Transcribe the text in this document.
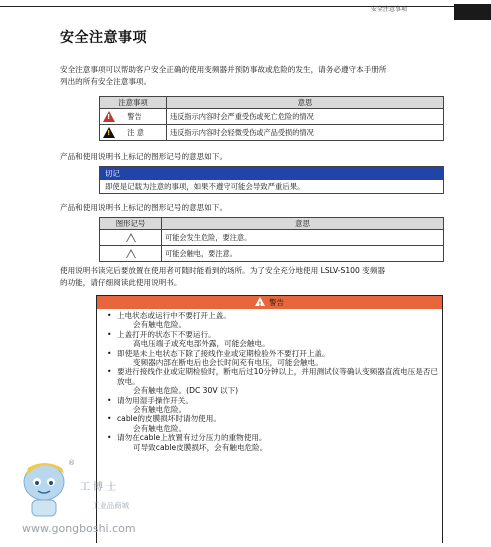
安全注意事项
安全注意事项
安全注意事项可以帮助客户安全正确的使用变频器并预防事故或危险的发生，请务必遵守本手册所
列出的所有安全注意事项。
注意事项	意思
! 警告	违反指示内容时会严重受伤或死亡危险的情况
! 注 意	违反指示内容时会轻微受伤或产品受损的情况
产品和使用说明书上标记的图形记号的意思如下。
切记
即使是记载为注意的事项，如果不遵守可能会导致严重后果。
产品和使用说明书上标记的图形记号的意思如下。
图形记号	意思
	可能会发生危险，要注意。
	可能会触电，要注意。
使用说明书读完后要放置在使用者可随时能看到的场所。为了安全充分地使用 LSLV-S100 变频器
的功能，请仔细阅读此使用说明书。
!警告
• 上电状态或运行中不要打开上盖。
会有触电危险。
• 上盖打开的状态下不要运行。
高电压端子或充电部外露，可能会触电。
• 即使是未上电状态下除了接线作业或定期检验外不要打开上盖。
变频器内部在断电后也会长时间充有电压，可能会触电。
• 要进行接线作业或定期检验时，断电后过10分钟以上，并用测试仪等确认变频器直流电压是否已放电。
会有触电危险。(DC 30V 以下)
• 请勿用湿手操作开关。
会有触电危险。
• cable的皮膜损坏时请勿使用。
会有触电危险。
• 请勿在cable上放置有过分压力的重物使用。
可导致cable皮膜损坏，会有触电危险。
®
工博士
工业品商城
www.gongboshi.com
